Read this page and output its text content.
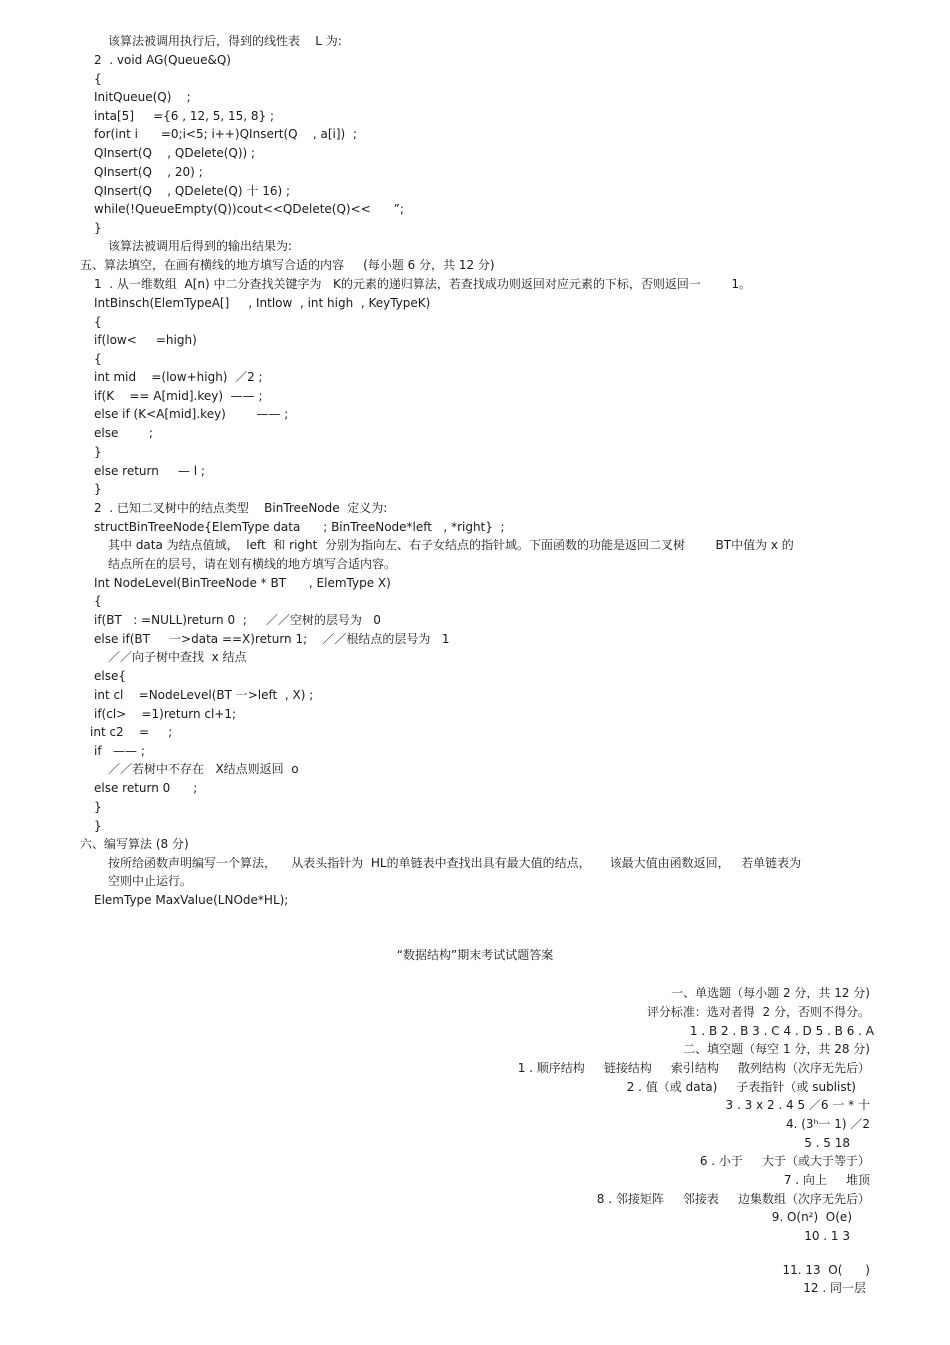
该算法被调用执行后，得到的线性表    L 为:
2  . void AG(Queue&Q)
{
InitQueue(Q)    ;
inta[5]     ={6 , 12, 5, 15, 8} ;
for(int i      =0;i<5; i++)QInsert(Q    , a[i])  ;
QInsert(Q    , QDelete(Q)) ;
QInsert(Q    , 20) ;
QInsert(Q    , QDelete(Q) 十 16) ;
while(!QueueEmpty(Q))cout<<QDelete(Q)<<      ”;
}
该算法被调用后得到的输出结果为:
五、算法填空，在画有横线的地方填写合适的内容     (每小题 6 分，共 12 分)
1  . 从一维数组  A[n) 中二分查找关键字为   K的元素的递归算法，若查找成功则返回对应元素的下标，否则返回一        1。
IntBinsch(ElemTypeA[]     , Intlow  , int high  , KeyTypeK)
{
if(low<     =high)
{
int mid    =(low+high)  ／2 ;
if(K    == A[mid].key)  —— ;
else if (K<A[mid].key)        —— ;
else        ;
}
else return     — l ;
}
2  . 已知二叉树中的结点类型    BinTreeNode  定义为:
structBinTreeNode{ElemType data      ; BinTreeNode*left   , *right}  ;
其中 data 为结点值域，  left  和 right  分别为指向左、右子女结点的指针域。下面函数的功能是返回二叉树        BT中值为 x 的
结点所在的层号，请在划有横线的地方填写合适内容。
Int NodeLevel(BinTreeNode * BT      , ElemType X)
{
if(BT   : =NULL)return 0  ;     ／／空树的层号为   0
else if(BT     一>data ==X)return 1;    ／／根结点的层号为   1
／／向子树中查找  x 结点
else{
int cl    =NodeLevel(BT 一>left  , X) ;
if(cl>    =1)return cl+1;
int c2    =     ;
if   —— ;
／／若树中不存在   X结点则返回  o
else return 0      ;
}
}
六、编写算法 (8 分)
按所给函数声明编写一个算法，    从表头指针为  HL的单链表中查找出具有最大值的结点，     该最大值由函数返回，   若单链表为
空则中止运行。
ElemType MaxValue(LNOde*HL);
“数据结构”期末考试试题答案
一、单选题（每小题 2 分，共 12 分)
评分标准：选对者得  2 分，否则不得分。
1 . B 2 . B 3 . C 4 . D 5 . B 6 . A
二、填空题（每空 1 分，共 28 分)
1 . 顺序结构     链接结构     索引结构     散列结构（次序无先后）
2 . 值（或 data)     子表指针（或 sublist)
3 . 3 x 2 . 4 5 ／6 一 * 十
4. (3ʰ一 1) ／2
5 . 5 18
6 . 小于     大于（或大于等于）
7 . 向上     堆顶
8 . 邻接矩阵     邻接表     边集数组（次序无先后）
9. O(n²)  O(e)
10 . 1 3
11. 13  O(      )
12 . 同一层
